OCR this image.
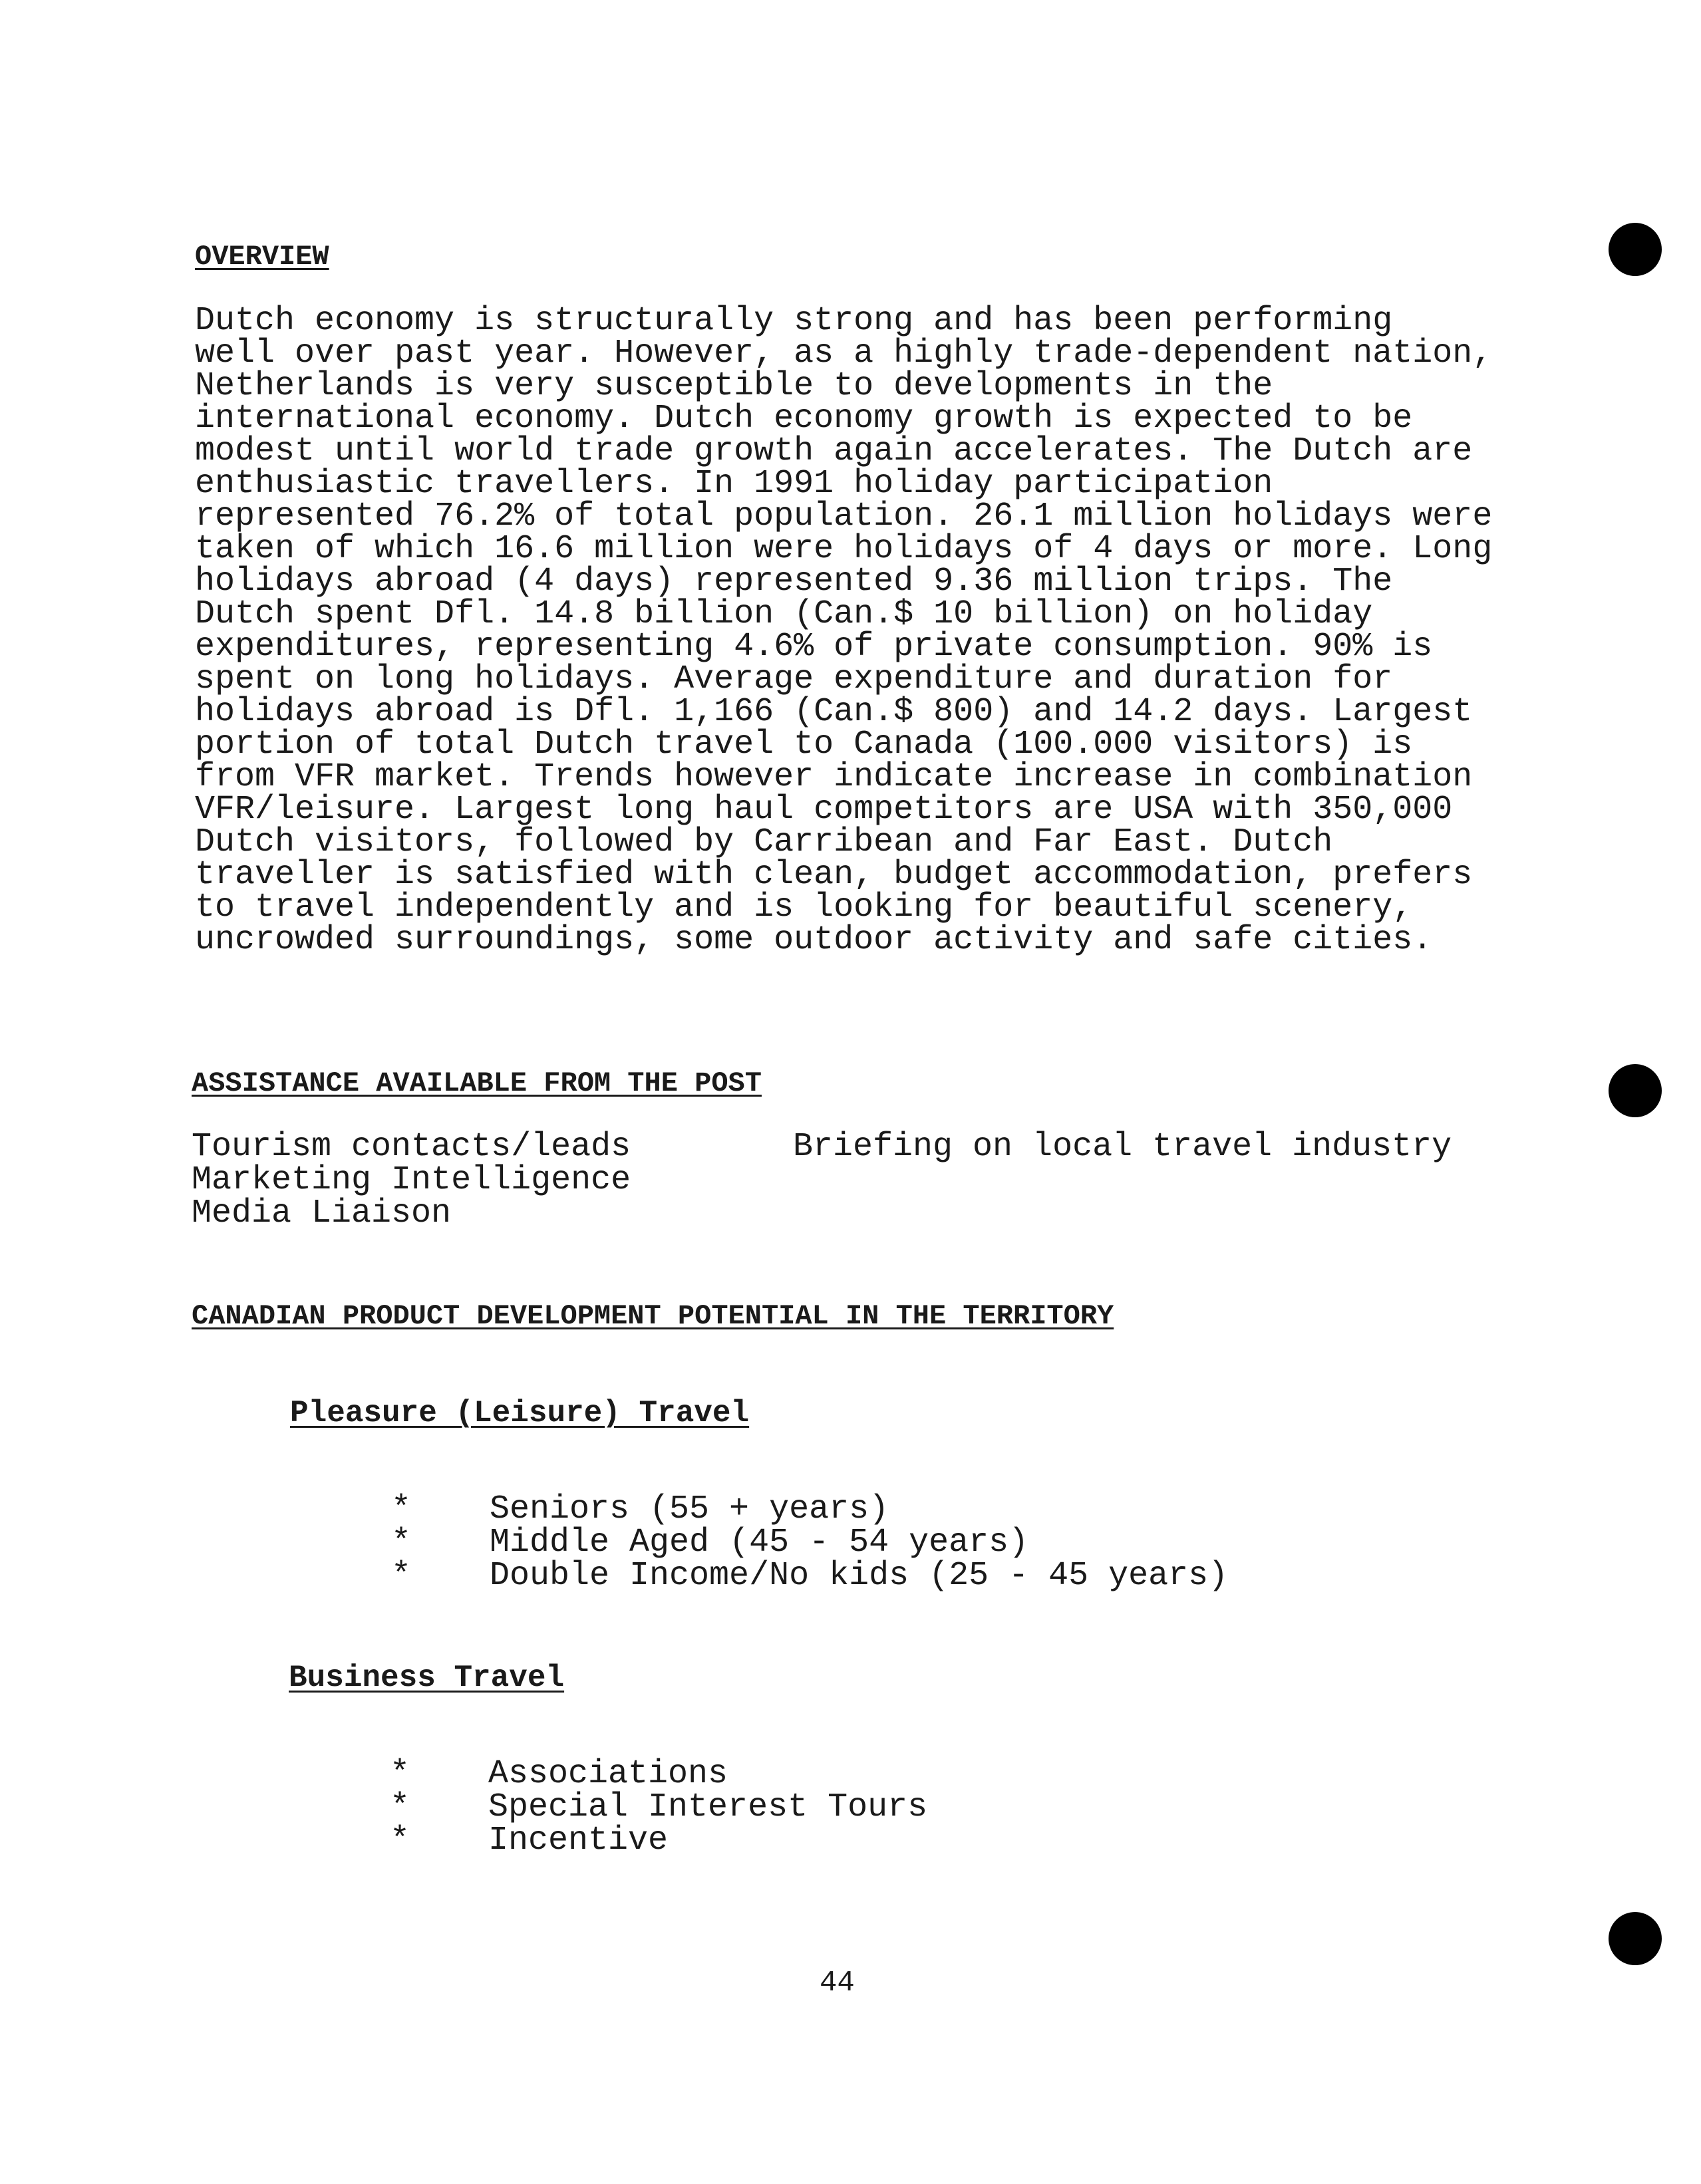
OVERVIEW
Dutch economy is structurally strong and has been performing
well over past year. However, as a highly trade-dependent nation,
Netherlands is very susceptible to developments in the
international economy. Dutch economy growth is expected to be
modest until world trade growth again accelerates. The Dutch are
enthusiastic travellers. In 1991 holiday participation
represented 76.2% of total population. 26.1 million holidays were
taken of which 16.6 million were holidays of 4 days or more. Long
holidays abroad (4 days) represented 9.36 million trips. The
Dutch spent Dfl. 14.8 billion (Can.$ 10 billion) on holiday
expenditures, representing 4.6% of private consumption. 90% is
spent on long holidays. Average expenditure and duration for
holidays abroad is Dfl. 1,166 (Can.$ 800) and 14.2 days. Largest
portion of total Dutch travel to Canada (100.000 visitors) is
from VFR market. Trends however indicate increase in combination
VFR/leisure. Largest long haul competitors are USA with 350,000
Dutch visitors, followed by Carribean and Far East. Dutch
traveller is satisfied with clean, budget accommodation, prefers
to travel independently and is looking for beautiful scenery,
uncrowded surroundings, some outdoor activity and safe cities.
ASSISTANCE AVAILABLE FROM THE POST
Tourism contacts/leads
Marketing Intelligence
Media Liaison
Briefing on local travel industry
CANADIAN PRODUCT DEVELOPMENT POTENTIAL IN THE TERRITORY
Pleasure (Leisure) Travel

*

Seniors (55 + years)

*

Middle Aged (45 - 54 years)

*

Double Income/No kids (25 - 45 years)

Business Travel

*

Associations

*

Special Interest Tours

*

Incentive

44
